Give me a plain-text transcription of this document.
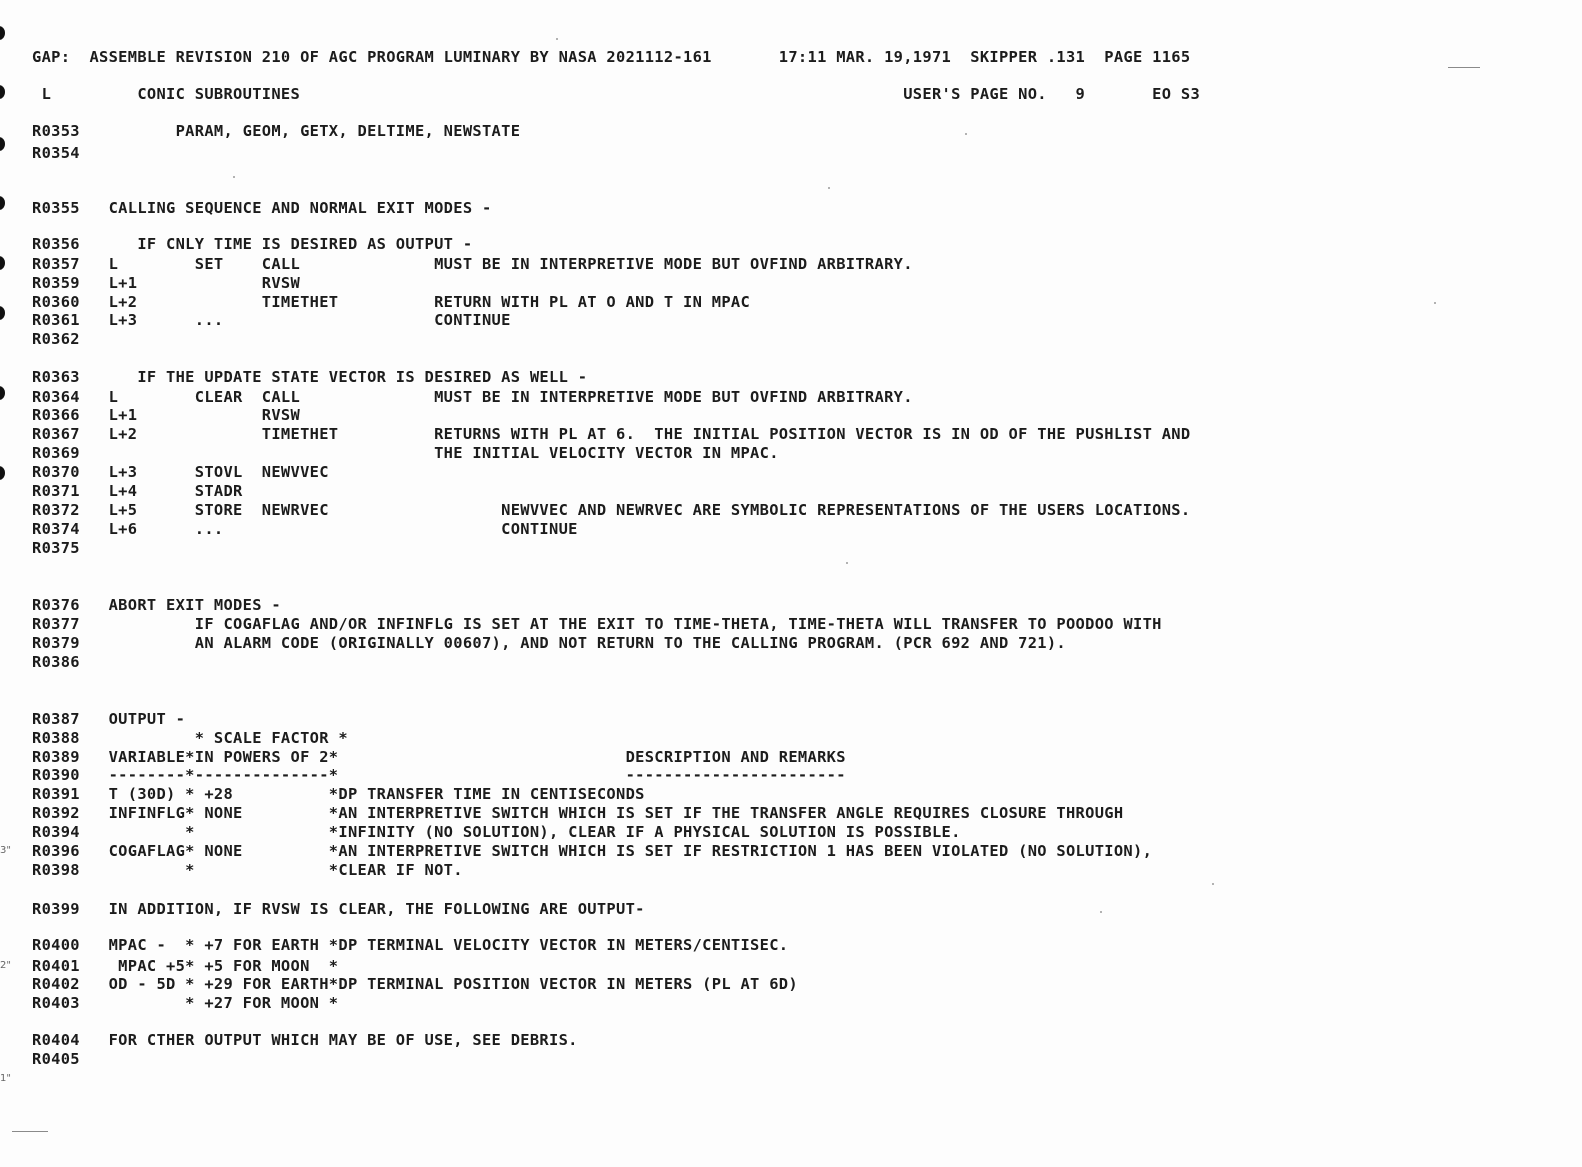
GAP:  ASSEMBLE REVISION 210 OF AGC PROGRAM LUMINARY BY NASA 2021112-161       17:11 MAR. 19,1971  SKIPPER .131  PAGE 1165
L         CONIC SUBROUTINES                                                               USER'S PAGE NO.   9       EO S3
R0353          PARAM, GEOM, GETX, DELTIME, NEWSTATE
R0354
R0355   CALLING SEQUENCE AND NORMAL EXIT MODES -
R0356      IF CNLY TIME IS DESIRED AS OUTPUT -
R0357   L        SET    CALL              MUST BE IN INTERPRETIVE MODE BUT OVFIND ARBITRARY.
R0359   L+1             RVSW
R0360   L+2             TIMETHET          RETURN WITH PL AT O AND T IN MPAC
R0361   L+3      ...                      CONTINUE
R0362
R0363      IF THE UPDATE STATE VECTOR IS DESIRED AS WELL -
R0364   L        CLEAR  CALL              MUST BE IN INTERPRETIVE MODE BUT OVFIND ARBITRARY.
R0366   L+1             RVSW
R0367   L+2             TIMETHET          RETURNS WITH PL AT 6.  THE INITIAL POSITION VECTOR IS IN OD OF THE PUSHLIST AND
R0369                                     THE INITIAL VELOCITY VECTOR IN MPAC.
R0370   L+3      STOVL  NEWVVEC
R0371   L+4      STADR
R0372   L+5      STORE  NEWRVEC                  NEWVVEC AND NEWRVEC ARE SYMBOLIC REPRESENTATIONS OF THE USERS LOCATIONS.
R0374   L+6      ...                             CONTINUE
R0375
R0376   ABORT EXIT MODES -
R0377            IF COGAFLAG AND/OR INFINFLG IS SET AT THE EXIT TO TIME-THETA, TIME-THETA WILL TRANSFER TO POODOO WITH
R0379            AN ALARM CODE (ORIGINALLY 00607), AND NOT RETURN TO THE CALLING PROGRAM. (PCR 692 AND 721).
R0386
R0387   OUTPUT -
R0388            * SCALE FACTOR *
R0389   VARIABLE*IN POWERS OF 2*                              DESCRIPTION AND REMARKS
R0390   --------*--------------*                              -----------------------
R0391   T (30D) * +28          *DP TRANSFER TIME IN CENTISECONDS
R0392   INFINFLG* NONE         *AN INTERPRETIVE SWITCH WHICH IS SET IF THE TRANSFER ANGLE REQUIRES CLOSURE THROUGH
R0394           *              *INFINITY (NO SOLUTION), CLEAR IF A PHYSICAL SOLUTION IS POSSIBLE.
R0396   COGAFLAG* NONE         *AN INTERPRETIVE SWITCH WHICH IS SET IF RESTRICTION 1 HAS BEEN VIOLATED (NO SOLUTION),
R0398           *              *CLEAR IF NOT.
R0399   IN ADDITION, IF RVSW IS CLEAR, THE FOLLOWING ARE OUTPUT-
R0400   MPAC -  * +7 FOR EARTH *DP TERMINAL VELOCITY VECTOR IN METERS/CENTISEC.
R0401    MPAC +5* +5 FOR MOON  *
R0402   OD - 5D * +29 FOR EARTH*DP TERMINAL POSITION VECTOR IN METERS (PL AT 6D)
R0403           * +27 FOR MOON *
R0404   FOR CTHER OUTPUT WHICH MAY BE OF USE, SEE DEBRIS.
R0405
3"
2"
1"
